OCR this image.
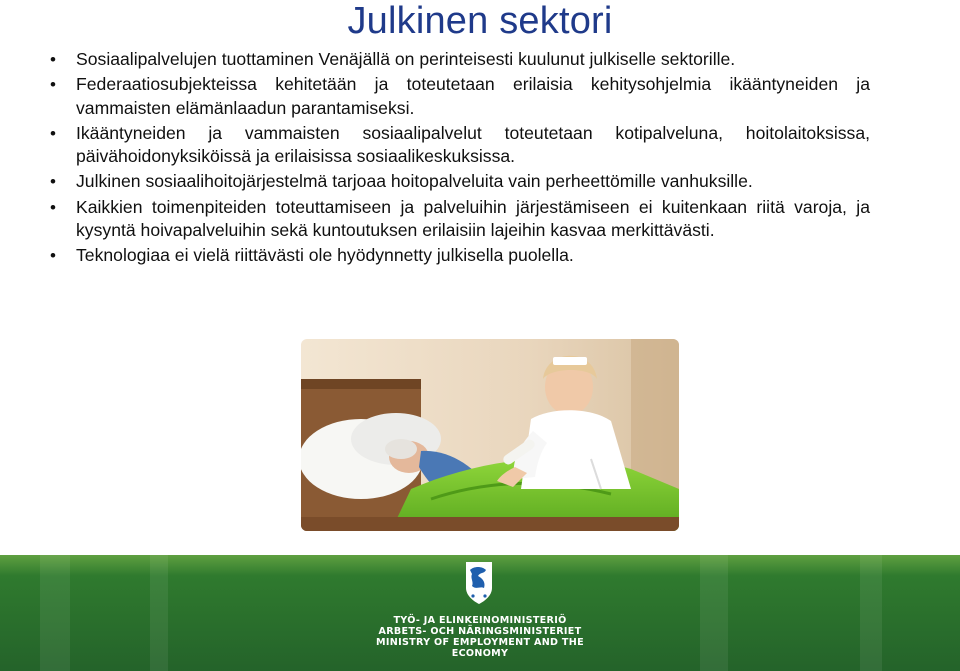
Julkinen sektori
• Sosiaalipalvelujen tuottaminen Venäjällä on perinteisesti kuulunut julkiselle sektorille.
• Federaatiosubjekteissa kehitetään ja toteutetaan erilaisia kehitysohjelmia ikääntyneiden ja vammaisten elämänlaadun parantamiseksi.
• Ikääntyneiden ja vammaisten sosiaalipalvelut toteutetaan kotipalveluna, hoitolaitoksissa, päivähoidonyksiköissä ja erilaisissa sosiaalikeskuksissa.
• Julkinen sosiaalihoitojärjestelmä tarjoaa hoitopalveluita vain perheettömille vanhuksille.
• Kaikkien toimenpiteiden toteuttamiseen ja palveluihin järjestämiseen ei kuitenkaan riitä varoja, ja kysyntä hoivapalveluihin sekä kuntoutuksen erilaisiin lajeihin kasvaa merkittävästi.
• Teknologiaa ei vielä riittävästi ole hyödynnetty julkisella puolella.
TYÖ- JA ELINKEINOMINISTERIÖ
ARBETS- OCH NÄRINGSMINISTERIET
MINISTRY OF EMPLOYMENT AND THE ECONOMY
